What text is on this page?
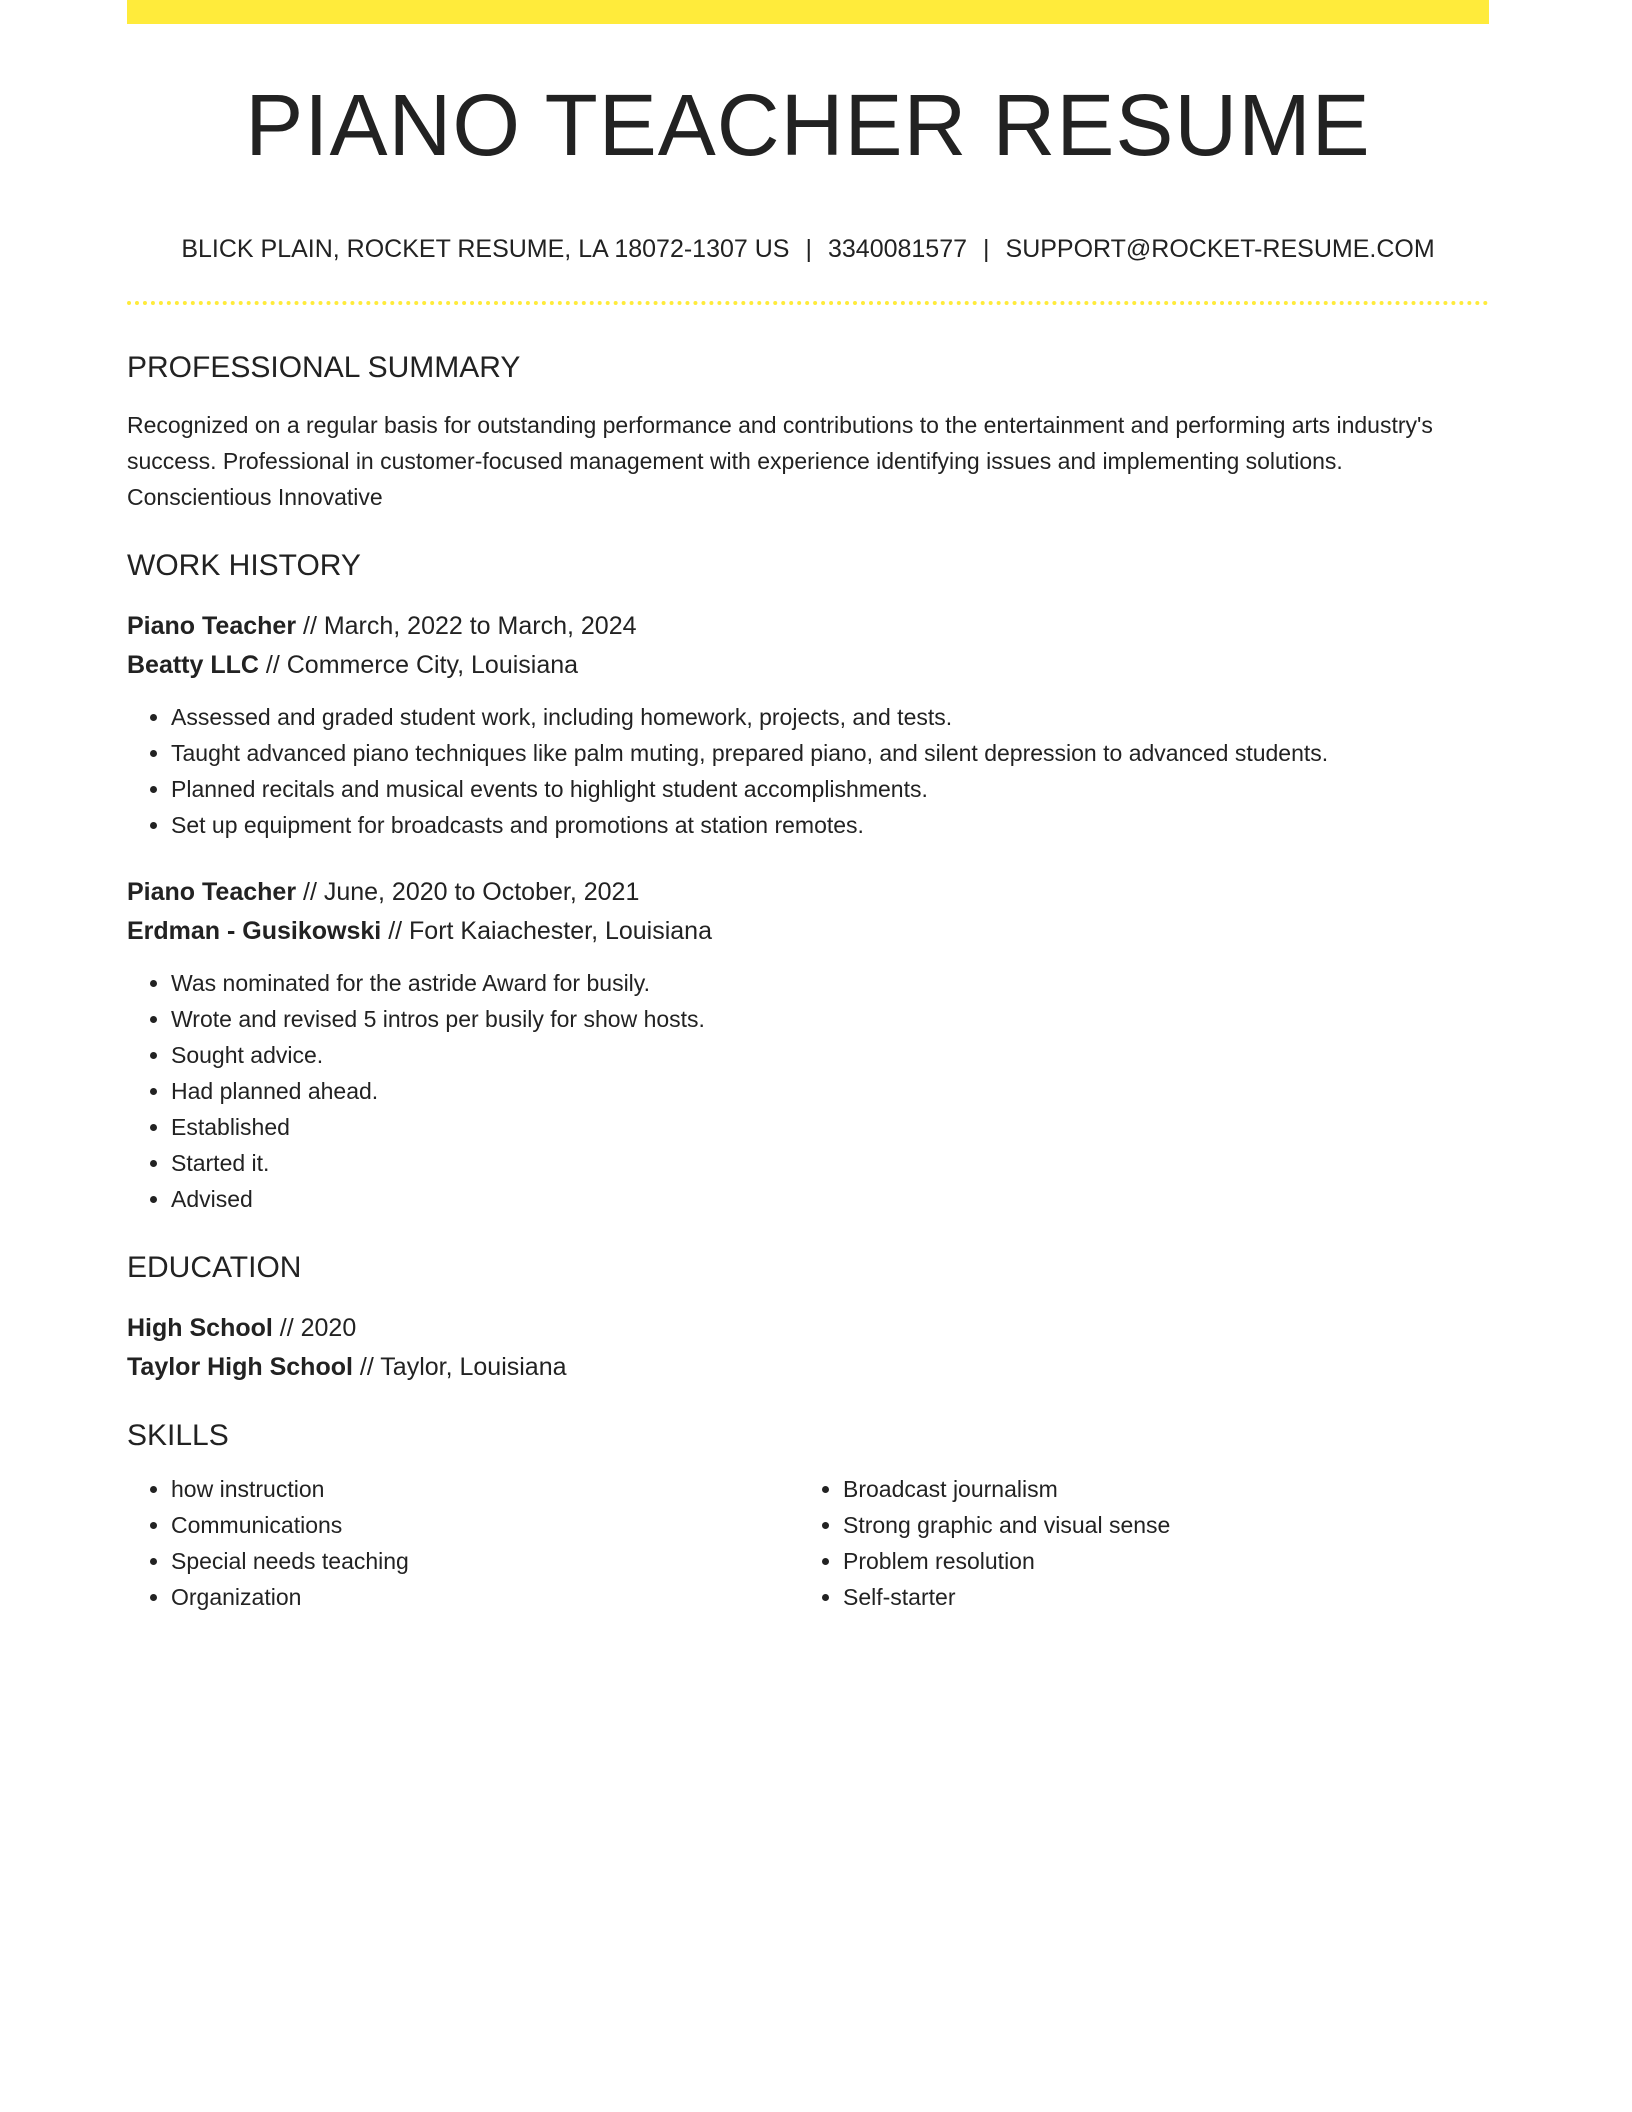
PIANO TEACHER RESUME
BLICK PLAIN, ROCKET RESUME, LA 18072-1307 US | 3340081577 | SUPPORT@ROCKET-RESUME.COM
PROFESSIONAL SUMMARY
Recognized on a regular basis for outstanding performance and contributions to the entertainment and performing arts industry's success. Professional in customer-focused management with experience identifying issues and implementing solutions. Conscientious Innovative
WORK HISTORY
Piano Teacher // March, 2022 to March, 2024
Beatty LLC // Commerce City, Louisiana
• Assessed and graded student work, including homework, projects, and tests.
• Taught advanced piano techniques like palm muting, prepared piano, and silent depression to advanced students.
• Planned recitals and musical events to highlight student accomplishments.
• Set up equipment for broadcasts and promotions at station remotes.
Piano Teacher // June, 2020 to October, 2021
Erdman - Gusikowski // Fort Kaiachester, Louisiana
• Was nominated for the astride Award for busily.
• Wrote and revised 5 intros per busily for show hosts.
• Sought advice.
• Had planned ahead.
• Established
• Started it.
• Advised
EDUCATION
High School // 2020
Taylor High School // Taylor, Louisiana
SKILLS
• how instruction
• Communications
• Special needs teaching
• Organization
• Broadcast journalism
• Strong graphic and visual sense
• Problem resolution
• Self-starter
